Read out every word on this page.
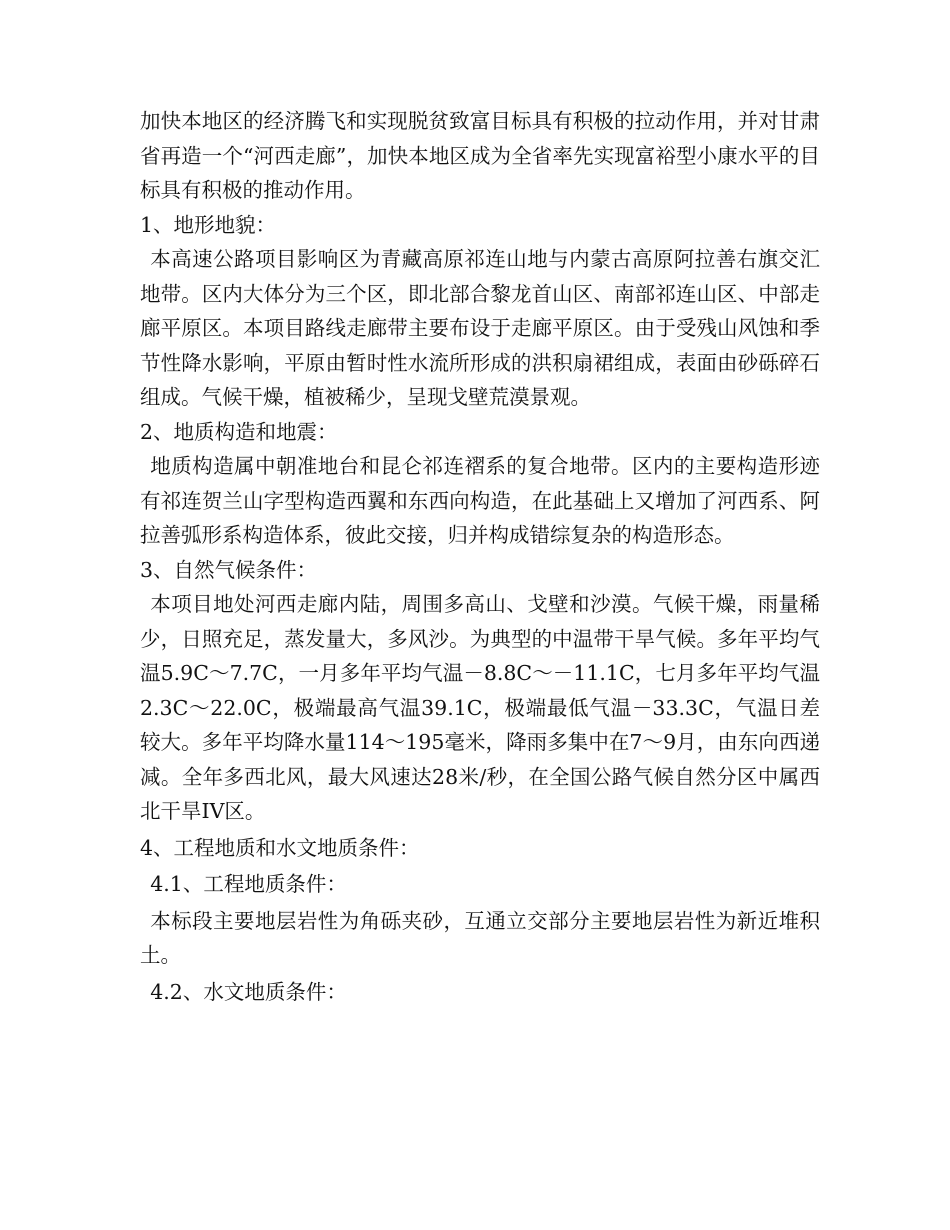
加快本地区的经济腾飞和实现脱贫致富目标具有积极的拉动作用，并对甘肃省再造一个“河西走廊”，加快本地区成为全省率先实现富裕型小康水平的目标具有积极的推动作用。

1、地形地貌：

本高速公路项目影响区为青藏高原祁连山地与内蒙古高原阿拉善右旗交汇地带。区内大体分为三个区，即北部合黎龙首山区、南部祁连山区、中部走廊平原区。本项目路线走廊带主要布设于走廊平原区。由于受残山风蚀和季节性降水影响，平原由暂时性水流所形成的洪积扇裙组成，表面由砂砾碎石组成。气候干燥，植被稀少，呈现戈壁荒漠景观。

2、地质构造和地震：

地质构造属中朝准地台和昆仑祁连褶系的复合地带。区内的主要构造形迹有祁连贺兰山字型构造西翼和东西向构造，在此基础上又增加了河西系、阿拉善弧形系构造体系，彼此交接，归并构成错综复杂的构造形态。

3、自然气候条件：

本项目地处河西走廊内陆，周围多高山、戈壁和沙漠。气候干燥，雨量稀少，日照充足，蒸发量大，多风沙。为典型的中温带干旱气候。多年平均气温5.9C～7.7C，一月多年平均气温－8.8C～－11.1C，七月多年平均气温2.3C～22.0C，极端最高气温39.1C，极端最低气温－33.3C，气温日差较大。多年平均降水量114～195毫米，降雨多集中在7～9月，由东向西递减。全年多西北风，最大风速达28米/秒，在全国公路气候自然分区中属西北干旱IV区。

4、工程地质和水文地质条件：

4.1、工程地质条件：

本标段主要地层岩性为角砾夹砂，互通立交部分主要地层岩性为新近堆积土。

4.2、水文地质条件：
